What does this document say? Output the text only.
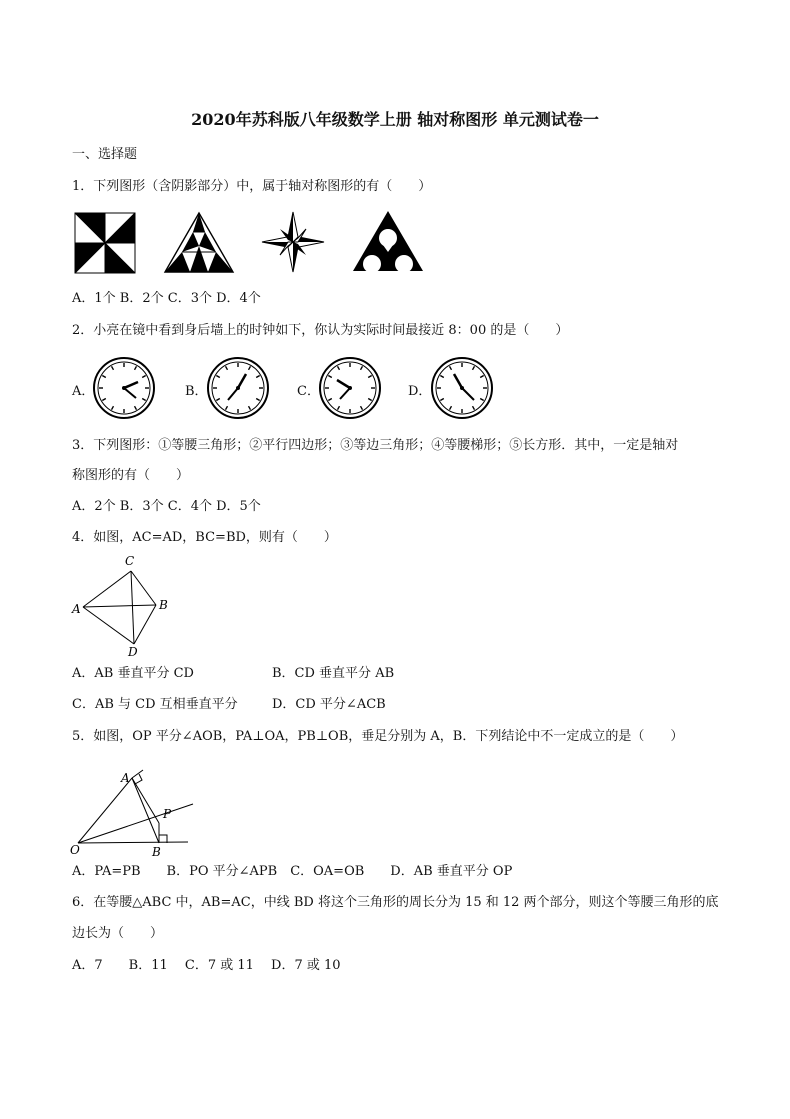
2020年苏科版八年级数学上册 轴对称图形 单元测试卷一
一、选择题
1．下列图形（含阴影部分）中，属于轴对称图形的有（　　）
A．1个 B．2个 C．3个 D．4个
2．小亮在镜中看到身后墙上的时钟如下，你认为实际时间最接近 8：00 的是（　　）
A．	B．	C．	D．
3．下列图形：①等腰三角形；②平行四边形；③等边三角形；④等腰梯形；⑤长方形．其中，一定是轴对
称图形的有（　　）
A．2个 B．3个 C．4个 D．5个
4．如图，AC=AD，BC=BD，则有（　　）
C
A	B
D
A．AB 垂直平分 CD	B．CD 垂直平分 AB
C．AB 与 CD 互相垂直平分	D．CD 平分∠ACB
5．如图，OP 平分∠AOB，PA⊥OA，PB⊥OB，垂足分别为 A，B．下列结论中不一定成立的是（　　）
A
P
O	B
A．PA=PB　　B．PO 平分∠APB　C．OA=OB　　D．AB 垂直平分 OP
6．在等腰△ABC 中，AB=AC，中线 BD 将这个三角形的周长分为 15 和 12 两个部分，则这个等腰三角形的底
边长为（　　）
A．7　　B．11　 C．7 或 11　 D．7 或 10
